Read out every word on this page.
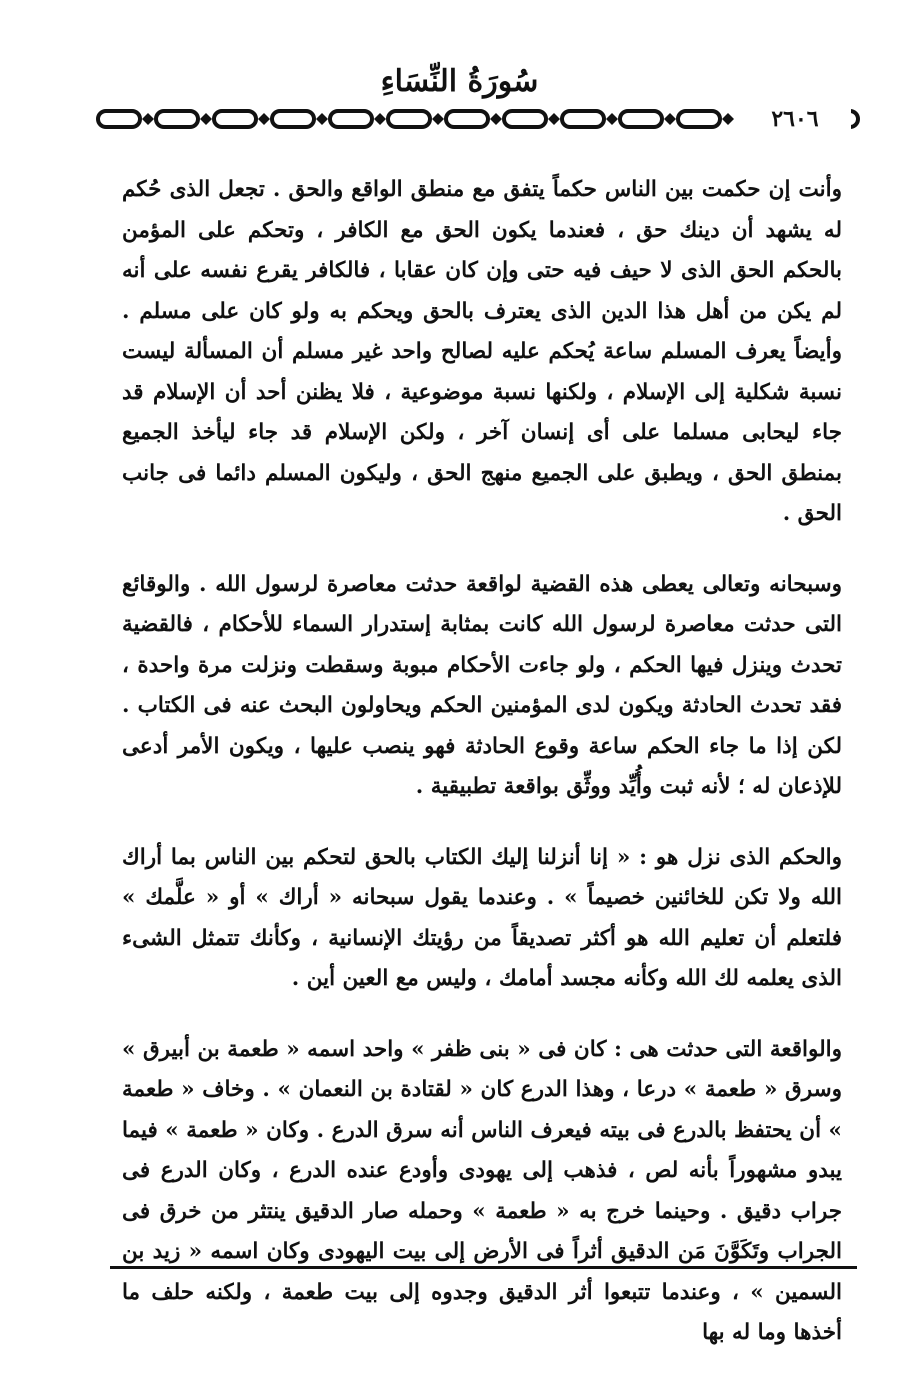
سُورَةُ النِّسَاءِ
٢٦٠٦

وأنت إن حكمت بين الناس حكماً يتفق مع منطق الواقع والحق . تجعل الذى حُكم له يشهد أن دينك حق ، فعندما يكون الحق مع الكافر ، وتحكم على المؤمن بالحكم الحق الذى لا حيف فيه حتى وإن كان عقابا ، فالكافر يقرع نفسه على أنه لم يكن من أهل هذا الدين الذى يعترف بالحق ويحكم به ولو كان على مسلم . وأيضاً يعرف المسلم ساعة يُحكم عليه لصالح واحد غير مسلم أن المسألة ليست نسبة شكلية إلى الإسلام ، ولكنها نسبة موضوعية ، فلا يظنن أحد أن الإسلام قد جاء ليحابى مسلما على أى إنسان آخر ، ولكن الإسلام قد جاء ليأخذ الجميع بمنطق الحق ، ويطبق على الجميع منهج الحق ، وليكون المسلم دائما فى جانب الحق .

وسبحانه وتعالى يعطى هذه القضية لواقعة حدثت معاصرة لرسول الله . والوقائع التى حدثت معاصرة لرسول الله كانت بمثابة إستدرار السماء للأحكام ، فالقضية تحدث وينزل فيها الحكم ، ولو جاءت الأحكام مبوبة وسقطت ونزلت مرة واحدة ، فقد تحدث الحادثة ويكون لدى المؤمنين الحكم ويحاولون البحث عنه فى الكتاب . لكن إذا ما جاء الحكم ساعة وقوع الحادثة فهو ينصب عليها ، ويكون الأمر أدعى للإذعان له ؛ لأنه ثبت وأُيِّد ووثِّق بواقعة تطبيقية .

والحكم الذى نزل هو : « إنا أنزلنا إليك الكتاب بالحق لتحكم بين الناس بما أراك الله ولا تكن للخائنين خصيماً » . وعندما يقول سبحانه « أراك » أو « علَّمك » فلتعلم أن تعليم الله هو أكثر تصديقاً من رؤيتك الإنسانية ، وكأنك تتمثل الشىء الذى يعلمه لك الله وكأنه مجسد أمامك ، وليس مع العين أين .

والواقعة التى حدثت هى : كان فى « بنى ظفر » واحد اسمه « طعمة بن أبيرق » وسرق « طعمة » درعا ، وهذا الدرع كان « لقتادة بن النعمان » . وخاف « طعمة » أن يحتفظ بالدرع فى بيته فيعرف الناس أنه سرق الدرع . وكان « طعمة » فيما يبدو مشهوراً بأنه لص ، فذهب إلى يهودى وأودع عنده الدرع ، وكان الدرع فى جراب دقيق . وحينما خرج به « طعمة » وحمله صار الدقيق ينتثر من خرق فى الجراب وتَكَوَّنَ مَن الدقيق أثراً فى الأرض إلى بيت اليهودى وكان اسمه « زيد بن السمين » ، وعندما تتبعوا أثر الدقيق وجدوه إلى بيت طعمة ، ولكنه حلف ما أخذها وما له بها
